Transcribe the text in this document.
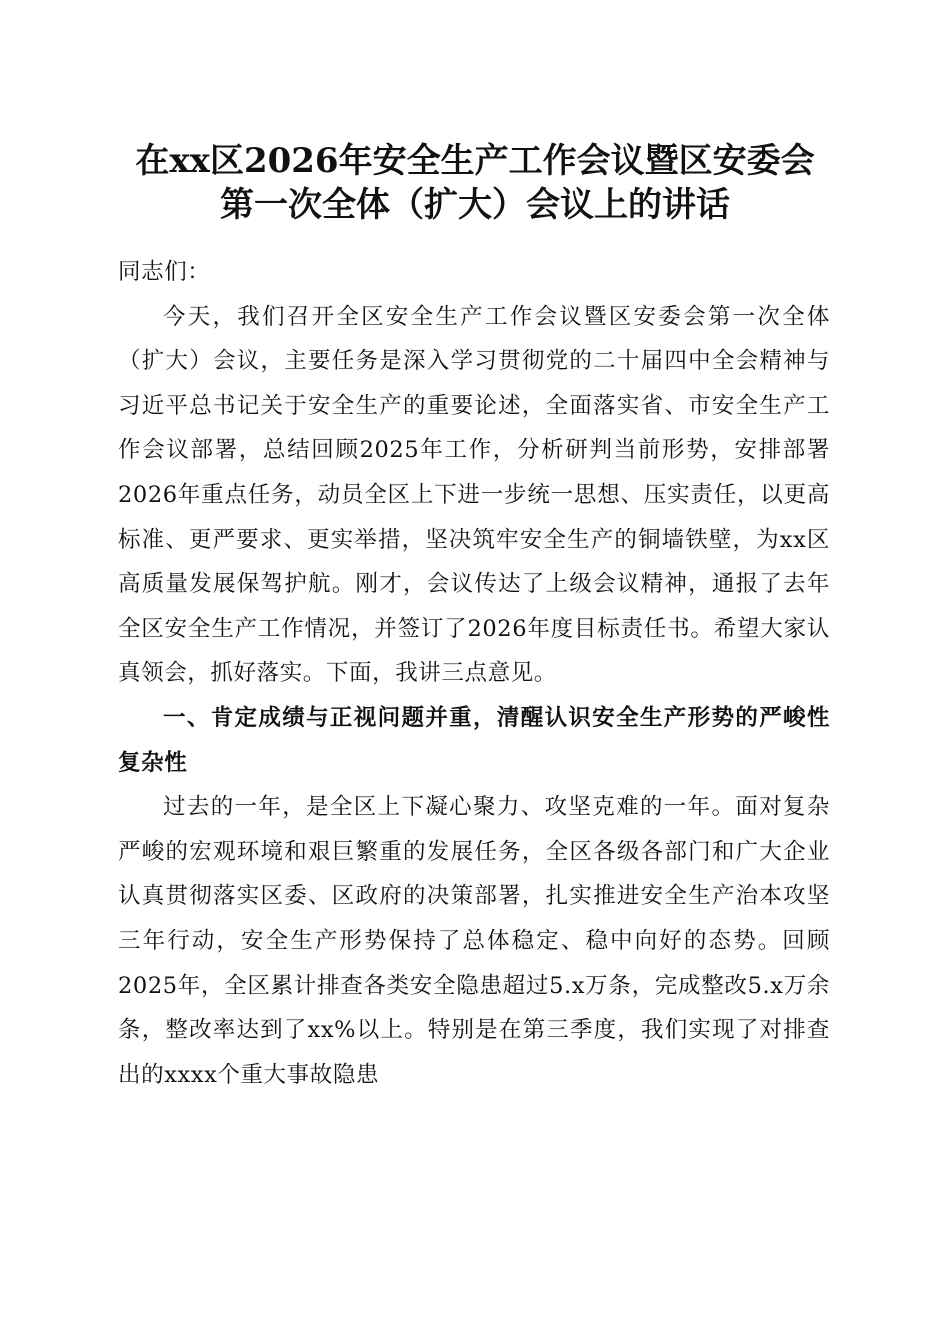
在xx区2026年安全生产工作会议暨区安委会
第一次全体（扩大）会议上的讲话

同志们：

今天，我们召开全区安全生产工作会议暨区安委会第一次全体（扩大）会议，主要任务是深入学习贯彻党的二十届四中全会精神与习近平总书记关于安全生产的重要论述，全面落实省、市安全生产工作会议部署，总结回顾2025年工作，分析研判当前形势，安排部署2026年重点任务，动员全区上下进一步统一思想、压实责任，以更高标准、更严要求、更实举措，坚决筑牢安全生产的铜墙铁壁，为xx区高质量发展保驾护航。刚才，会议传达了上级会议精神，通报了去年全区安全生产工作情况，并签订了2026年度目标责任书。希望大家认真领会，抓好落实。下面，我讲三点意见。

一、肯定成绩与正视问题并重，清醒认识安全生产形势的严峻性复杂性

过去的一年，是全区上下凝心聚力、攻坚克难的一年。面对复杂严峻的宏观环境和艰巨繁重的发展任务，全区各级各部门和广大企业认真贯彻落实区委、区政府的决策部署，扎实推进安全生产治本攻坚三年行动，安全生产形势保持了总体稳定、稳中向好的态势。回顾2025年，全区累计排查各类安全隐患超过5.x万条，完成整改5.x万余条，整改率达到了xx%以上。特别是在第三季度，我们实现了对排查出的xxxx个重大事故隐患
